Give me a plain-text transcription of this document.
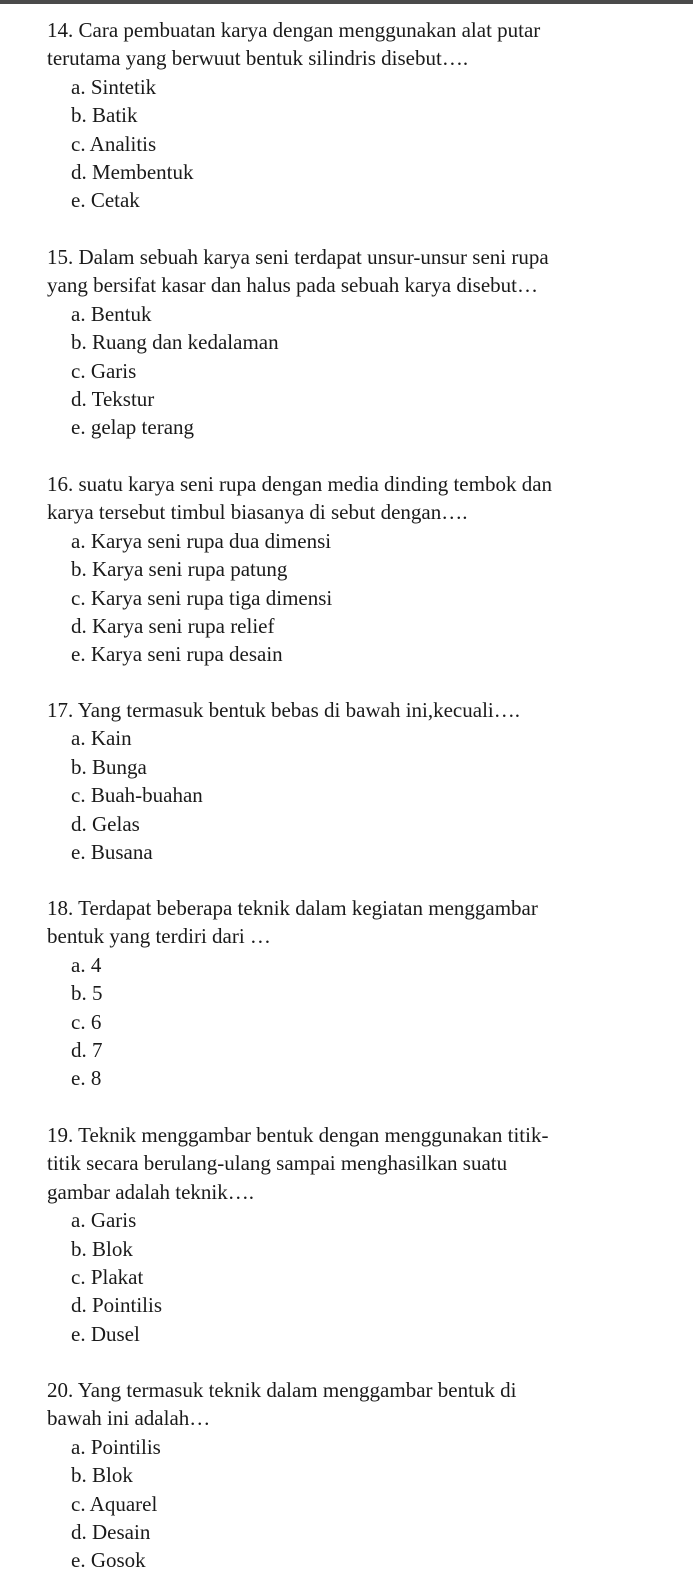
14. Cara pembuatan karya dengan menggunakan alat putar
terutama yang berwuut bentuk silindris disebut….
a. Sintetik
b. Batik
c. Analitis
d. Membentuk
e. Cetak
15. Dalam sebuah karya seni terdapat unsur-unsur seni rupa
yang bersifat kasar dan halus pada sebuah karya disebut…
a. Bentuk
b. Ruang dan kedalaman
c. Garis
d. Tekstur
e. gelap terang
16. suatu karya seni rupa dengan media dinding tembok dan
karya tersebut timbul biasanya di sebut dengan….
a. Karya seni rupa dua dimensi
b. Karya seni rupa patung
c. Karya seni rupa tiga dimensi
d. Karya seni rupa relief
e. Karya seni rupa desain
17. Yang termasuk bentuk bebas di bawah ini,kecuali….
a. Kain
b. Bunga
c. Buah-buahan
d. Gelas
e. Busana
18. Terdapat beberapa teknik dalam kegiatan menggambar
bentuk yang terdiri dari …
a. 4
b. 5
c. 6
d. 7
e. 8
19. Teknik menggambar bentuk dengan menggunakan titik-
titik secara berulang-ulang sampai menghasilkan suatu
gambar adalah teknik….
a. Garis
b. Blok
c. Plakat
d. Pointilis
e. Dusel
20. Yang termasuk teknik dalam menggambar bentuk di
bawah ini adalah…
a. Pointilis
b. Blok
c. Aquarel
d. Desain
e. Gosok
